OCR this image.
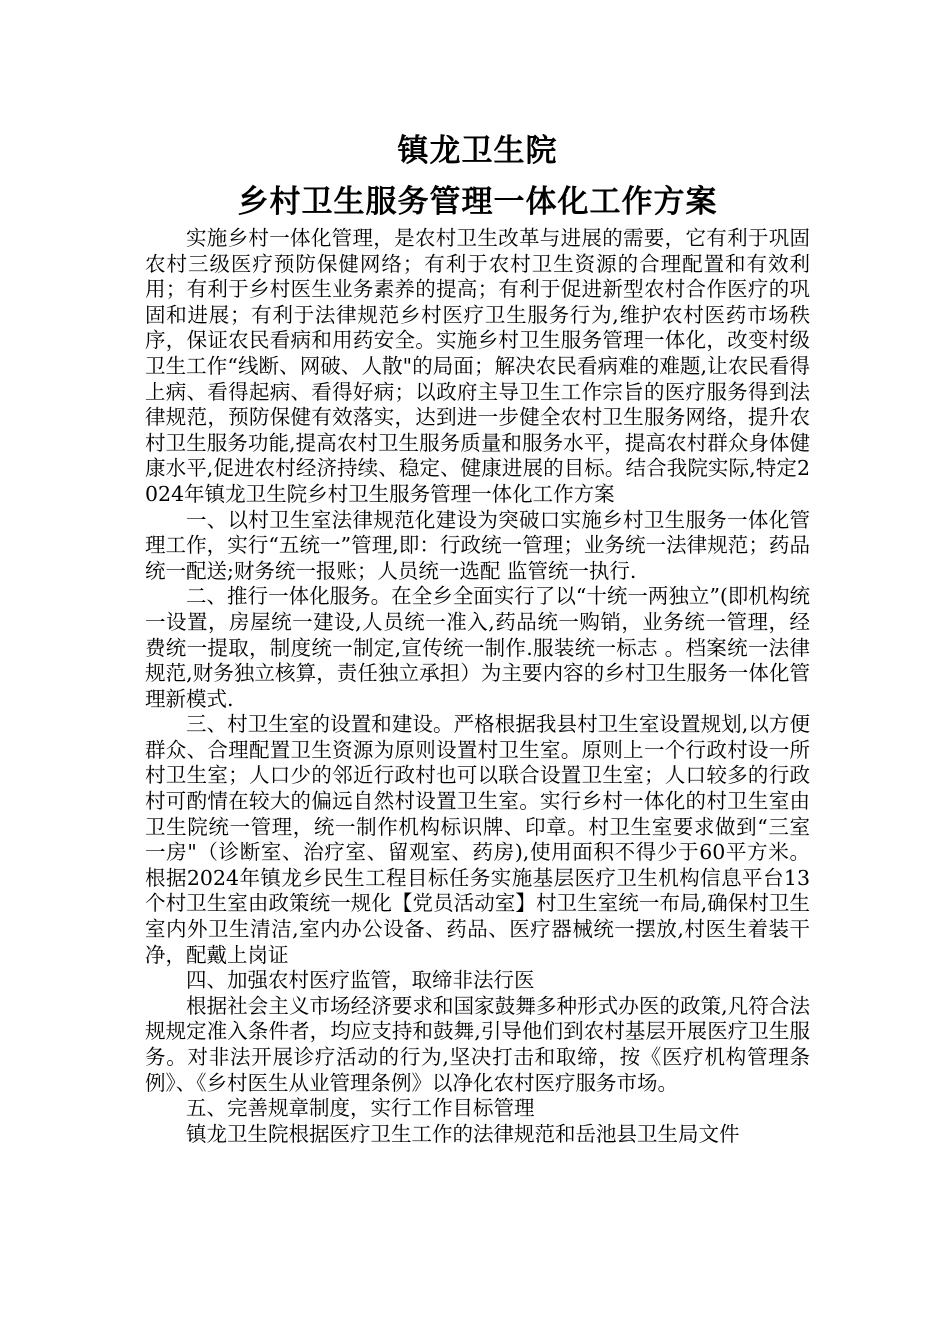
镇龙卫生院
乡村卫生服务管理一体化工作方案

实施乡村一体化管理，是农村卫生改革与进展的需要，它有利于巩固农村三级医疗预防保健网络；有利于农村卫生资源的合理配置和有效利用；有利于乡村医生业务素养的提高；有利于促进新型农村合作医疗的巩固和进展；有利于法律规范乡村医疗卫生服务行为,维护农村医药市场秩序，保证农民看病和用药安全。实施乡村卫生服务管理一体化，改变村级卫生工作“线断、网破、人散"的局面；解决农民看病难的难题,让农民看得上病、看得起病、看得好病；以政府主导卫生工作宗旨的医疗服务得到法律规范，预防保健有效落实，达到进一步健全农村卫生服务网络，提升农村卫生服务功能,提高农村卫生服务质量和服务水平，提高农村群众身体健康水平,促进农村经济持续、稳定、健康进展的目标。结合我院实际,特定2024年镇龙卫生院乡村卫生服务管理一体化工作方案

一、以村卫生室法律规范化建设为突破口实施乡村卫生服务一体化管理工作，实行“五统一”管理,即：行政统一管理；业务统一法律规范；药品统一配送;财务统一报账；人员统一选配 监管统一执行.

二、推行一体化服务。在全乡全面实行了以“十统一两独立”(即机构统一设置，房屋统一建设,人员统一准入,药品统一购销，业务统一管理，经费统一提取，制度统一制定,宣传统一制作.服装统一标志 。档案统一法律规范,财务独立核算，责任独立承担）为主要内容的乡村卫生服务一体化管理新模式.

三、村卫生室的设置和建设。严格根据我县村卫生室设置规划,以方便群众、合理配置卫生资源为原则设置村卫生室。原则上一个行政村设一所村卫生室；人口少的邻近行政村也可以联合设置卫生室；人口较多的行政村可酌情在较大的偏远自然村设置卫生室。实行乡村一体化的村卫生室由卫生院统一管理，统一制作机构标识牌、印章。村卫生室要求做到“三室一房"（诊断室、治疗室、留观室、药房),使用面积不得少于60平方米。根据2024年镇龙乡民生工程目标任务实施基层医疗卫生机构信息平台13个村卫生室由政策统一规化【党员活动室】村卫生室统一布局,确保村卫生室内外卫生清洁,室内办公设备、药品、医疗器械统一摆放,村医生着装干净，配戴上岗证

四、加强农村医疗监管，取缔非法行医

根据社会主义市场经济要求和国家鼓舞多种形式办医的政策,凡符合法规规定准入条件者，均应支持和鼓舞,引导他们到农村基层开展医疗卫生服务。对非法开展诊疗活动的行为,坚决打击和取缔，按《医疗机构管理条例》、《乡村医生从业管理条例》以净化农村医疗服务市场。

五、完善规章制度，实行工作目标管理

镇龙卫生院根据医疗卫生工作的法律规范和岳池县卫生局文件
